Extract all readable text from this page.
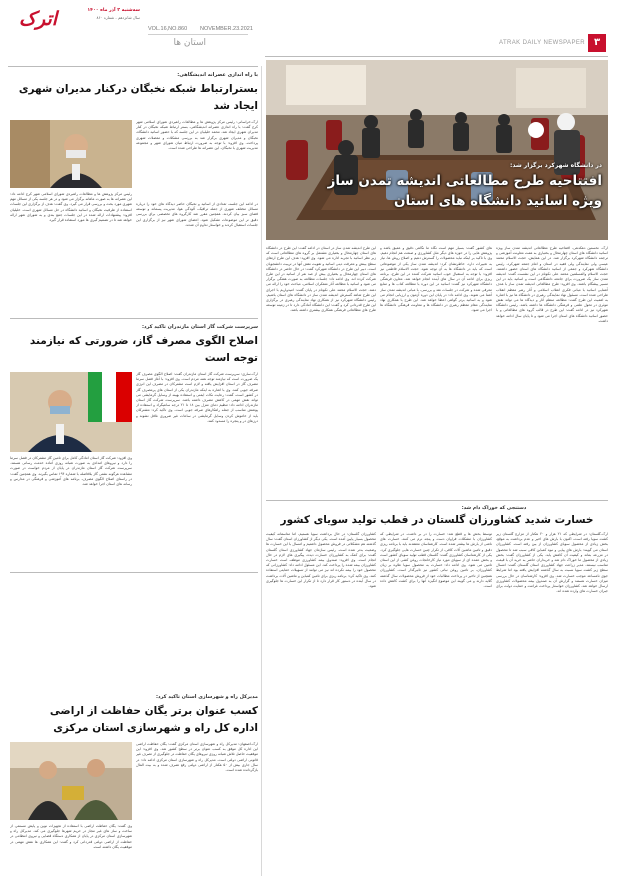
اترک	سه‌شنبه ۲ آذر ماه ۱۴۰۰
سال شانزدهم - شماره ۸۶۰
VOL.16,NO.860 NOVEMBER.23.2021
استان ها	ATRAK DAILY NEWSPAPER ۳
در دانشگاه شهرکرد برگزار شد:
افتتاحیه طرح مطالعاتی اندیشه تمدن ساز
ویژه اساتید دانشگاه های استان
ارک- نخستین دهکدهی- افتتاحیه طرح مطالعاتی اندیشه تمدن ساز ویژه اساتید دانشگاه های استان چهارمحال و بختیاری به همت معاونت آموزشی و ترجمه دانشگاه شهرکرد برگزار شد. در این همایش، حجت الاسلام محمد عیسی ولی نمایندگی ولی فقیه در استان و امام جمعه شهرکرد، رئیس دانشگاه شهرکرد و جمعی از اساتید دانشگاه های استان حضور داشتند. حجت الاسلام والمسلمین محمد علی نکونام در این نشست گفت: اندیشه تمدن ساز یک ضرورت برای جامعه دانشگاهی است و اساتید باید در این مسیر پیشگام باشند. وی افزود: طرح مطالعاتی اندیشه تمدن ساز با هدف آشنایی اساتید با مبانی فکری انقلاب اسلامی و آثار رهبر معظم انقلاب طراحی شده است. مسئول نهاد نمایندگی رهبری در دانشگاه ها نیز با اشاره به اهمیت این طرح گفت: مطالعه منظم آثار و دیدگاه ها می تواند نقش موثری در تحول علمی و فرهنگی دانشگاه ها داشته باشد. رئیس دانشگاه شهرکرد نیز در ادامه گفت: این طرح در قالب گروه های مطالعاتی و با حضور اساتید دانشگاه های استان اجرا می شود و تا پایان سال ادامه خواهد داشت.
های کشور گفت: بسیار مهم است نگاه ما نگاهی دقیق و عمیق باشد و پژوهش هایی را در حوزه های دیگر مثل کشاورزی و صنعت هم انجام دهیم. وی با تاکید بر اینکه نباید محصولات را گسترش دهیم و اصلاح روش ها، نیاز به تغییرات دارد، خاطرنشان کرد: اندیشه تمدن ساز یکی از موضوعاتی است که باید در دانشگاه ها به آن توجه شود. حجت الاسلام فاطمی نیز افزود: با توجه به استقبال خوب اساتید شرکت کننده در این طرح، برنامه ریزی برای ادامه آن در سال های آینده انجام خواهد شد. معاون فرهنگی دانشگاه شهرکرد نیز گفت: اساتید در این دوره با مطالعه کتاب ها و منابع معرفی شده و شرکت در جلسات نقد و بررسی، با مبانی اندیشه تمدن ساز آشنا می شوند. وی ادامه داد: در پایان این دوره آزمون و ارزیابی انجام می شود و به اساتید برتر گواهی اعطا خواهد شد. این طرح با همکاری نهاد نمایندگی مقام معظم رهبری در دانشگاه ها و معاونت فرهنگی دانشگاه ها اجرا می شود.
این طرح اندیشه تمدن ساز در استان در ادامه گفت: این طرح در دانشگاه های استان چهارمحال و بختیاری مشتمل بر گروه های مطالعاتی است که زیر نظر اساتید با تجربه اداره می شود. وی افزود: هدف این طرح ارتقای سطح بینش و معرفت دینی اساتید و تقویت نقش آنها در تربیت دانشجویان است. دبیر این طرح در دانشگاه شهرکرد گفت: در حال حاضر در دانشگاه های استان چهارمحال و بختیاری بیش از صد نفر از اساتید در این طرح شرکت کرده اند. وی ادامه داد: جلسات مطالعه به صورت هفتگی برگزار می شود و اساتید با مطالعه آثار متفکران اسلامی، مباحث خود را ارائه می دهند. حجت الاسلام محمد علی نکونام در پایان گفت: امیدواریم با اجرای این طرح شاهد گسترش اندیشه تمدن ساز در دانشگاه های استان باشیم. رئیس دانشگاه شهرکرد نیز از همکاری نهاد نمایندگی رهبری در برگزاری این طرح قدردانی کرد و گفت: این دانشگاه آمادگی دارد تا در زمینه توسعه طرح های مطالعاتی فرهنگی همکاری بیشتری داشته باشد.
دستنجی که خوراک دام شد:
خسارت شدید کشاورزان گلستان در قطب تولید سویای کشور
ارک-گلستان: در شرایطی که ۲۱ هزار و ۲۰ هکتار از مزارع گلستان زیر کشت سویا رفته است، اکنون با بارش های اخیر و عدم برداشت به موقع، بخش زیادی از محصول سویای کشاورزان از بین رفته است. کشاورزان استان می گویند: بارش های پیاپی و نبود کمباین کافی سبب شد تا محصول در مزرعه بماند و کیفیت آن کاهش یابد. یکی از کشاورزان گفت: بخش زیادی از محصول ما خوراک دام شد و خریداران حاضر به خرید آن با قیمت مناسب نیستند. مدیر زراعت جهاد کشاورزی استان گلستان گفت: امسال سطح زیر کشت سویا نسبت به سال گذشته افزایش یافته بود اما شرایط جوی نامساعد موجب خسارت شد. وی افزود: کارشناسان در حال بررسی میزان خسارت هستند و گزارش آن به صندوق بیمه محصولات کشاورزی ارسال خواهد شد. کشاورزان خواستار پرداخت غرامت و حمایت دولت برای جبران خسارت های وارده شده اند.
توسط بخش ها و قطع شد: خسارت را در بر داشت. در شرایطی که کشاورزان با مشکلات فراوان دست و پنجه نرم می کنند، خسارت های ناشی از بارش ها بیشتر شده است. کارشناسان معتقدند باید با برنامه ریزی دقیق و تامین ماشین آلات کافی، از تکرار چنین خسارت هایی جلوگیری کرد. یکی از کارشناسان کشاورزی گفت: گلستان قطب تولید سویای کشور است و بخش عمده ای از سویای مورد نیاز کارخانجات روغن کشی از این استان تامین می شود. وی ادامه داد: خسارت به محصول سویا علاوه بر زیان کشاورزان، بر تامین روغن نباتی کشور نیز تاثیرگذار است. کشاورزان همچنین از تاخیر در پرداخت مطالبات خود از فروش محصولات سال گذشته گلایه دارند و می گویند این موضوع انگیزه آنها را برای کشت کاهش داده است.
کشاورزان گلستان: در حال برداشت سویا هستیم، اما متاسفانه کیفیت محصول بسیار پایین آمده است. یکی دیگر از کشاورزان استان گفت: سال گذشته هم مشکلاتی در فروش محصول داشتیم و امسال با این خسارت ها وضعیت بدتر شده است. رئیس سازمان جهاد کشاورزی استان گلستان گفت: برای کمک به کشاورزان خسارت دیده، پیگیری های لازم در حال انجام است. وی افزود: صندوق بیمه کشاورزی موظف است خسارت کشاورزان بیمه شده را پرداخت کند. این مسئول ادامه داد: کشاورزانی که محصول خود را بیمه نکرده اند نیز می توانند از تسهیلات حمایتی استفاده کنند. وی تاکید کرد: برنامه ریزی برای تامین کمباین و ماشین آلات برداشت در سال آینده در دستور کار قرار دارد تا از تکرار این خسارت ها جلوگیری شود.
با راه اندازی عصرانه اندیشگاهی:
بسترارتباط شبکه نخبگان درکنار مدیران شهری
ایجاد شد
ارک-خراسانی: رئیس مرکز پژوهش ها و مطالعات راهبردی شورای اسلامی شهر کرج گفت: با راه اندازی عصرانه اندیشگاهی، بستر ارتباط شبکه نخبگان در کنار مدیران شهری ایجاد شد. محمد خلیلیان در این جلسه که با حضور اساتید دانشگاه، نخبگان و مدیران شهری برگزار شد به بررسی مشکلات و معضلات شهری پرداخت. وی افزود: با توجه به ضرورت ارتباط میان شورای شهر و مجموعه مدیریت شهری با نخبگان، این عصرانه ها طراحی شده است.
رئیس مرکز پژوهش ها و مطالعات راهبردی شورای اسلامی شهر کرج ادامه داد: این عصرانه ها به صورت ماهانه برگزار می شود و در هر جلسه یکی از مسائل مهم شهری مورد بحث و بررسی قرار می گیرد. وی گفت: هدف از برگزاری این جلسات استفاده از ظرفیت نخبگان و اساتید دانشگاه در حل مسائل شهری است. خلیلیان افزود: پیشنهادات ارائه شده در این جلسات جمع بندی و به شورای شهر ارائه خواهد شد تا در تصمیم گیری ها مورد استفاده قرار گیرد.
در ادامه این جلسه، تعدادی از اساتید و نخبگان حاضر دیدگاه های خود را درباره مسائل مختلف شهری از جمله ترافیک، آلودگی هوا، مدیریت پسماند و توسعه فضای سبز بیان کردند. همچنین مقرر شد کارگروه های تخصصی برای بررسی دقیق تر این موضوعات تشکیل شود. اعضای شورای شهر نیز از برگزاری این جلسات استقبال کردند و خواستار تداوم آن شدند.
سرپرست شرکت گاز استان مازندران تاکید کرد:
اصلاح الگوی مصرف گاز، ضرورتی که نیازمند
توجه است
ارک-ساری: سرپرست شرکت گاز استان مازندران گفت: اصلاح الگوی مصرف گاز یک ضرورت است که نیازمند توجه همه مردم است. وی افزود: با آغاز فصل سرما مصرف گاز در استان افزایش یافته و لازم است مشترکان در مصرف این انرژی صرفه جویی کنند. وی با اشاره به اینکه مازندران یکی از استان های پرمصرف گاز در کشور است، گفت: رعایت نکات ایمنی و استفاده بهینه از وسایل گرمایشی می تواند نقش مهمی در کاهش مصرف داشته باشد. سرپرست شرکت گاز استان مازندران ادامه داد: تنظیم دمای منزل بین ۱۸ تا ۲۱ درجه سانتیگراد و استفاده از پوشش مناسب از جمله راهکارهای صرفه جویی است. وی تاکید کرد: مشترکان باید از خاموش کردن وسایل گرمایشی در ساعات غیر ضروری غافل نشوند و درزهای در و پنجره را مسدود کنند.
وی افزود: شرکت گاز استان آمادگی کامل برای تامین گاز مشترکان در فصل سرما را دارد و نیروهای امدادی به صورت شبانه روزی آماده خدمت رسانی هستند. سرپرست شرکت گاز استان مازندران در پایان از مردم خواست در صورت مشاهده هرگونه نشتی گاز بلافاصله با شماره ۱۹۴ تماس بگیرند. وی همچنین گفت: در راستای اصلاح الگوی مصرف، برنامه های آموزشی و فرهنگی در مدارس و رسانه های استان اجرا خواهد شد.
مدیرکل راه و شهرسازی استان تاکید کرد:
کسب عنوان برتر یگان حفاظت از اراضی
اداره کل راه و شهرسازی استان مرکزی
ارک-اصفهان: مدیرکل راه و شهرسازی استان مرکزی گفت: یگان حفاظت اراضی این اداره کل موفق به کسب عنوان برتر در سطح کشور شد. وی افزود: این موفقیت حاصل تلاش شبانه روزی نیروهای یگان حفاظت در جلوگیری از تصرف غیر قانونی اراضی دولتی است. مدیرکل راه و شهرسازی استان مرکزی ادامه داد: در سال جاری بیش از ۵۰ هکتار از اراضی دولتی رفع تصرف شده و به بیت المال بازگردانده شده است.
وی گفت: یگان حفاظت اراضی با استفاده از تجهیزات نوین و پایش مستمر، از ساخت و ساز های غیر مجاز در حریم شهرها جلوگیری می کند. مدیرکل راه و شهرسازی استان مرکزی در پایان از همکاری دستگاه قضایی و نیروی انتظامی در حفاظت از اراضی دولتی قدردانی کرد و گفت: این همکاری ها نقش مهمی در موفقیت یگان داشته است.
